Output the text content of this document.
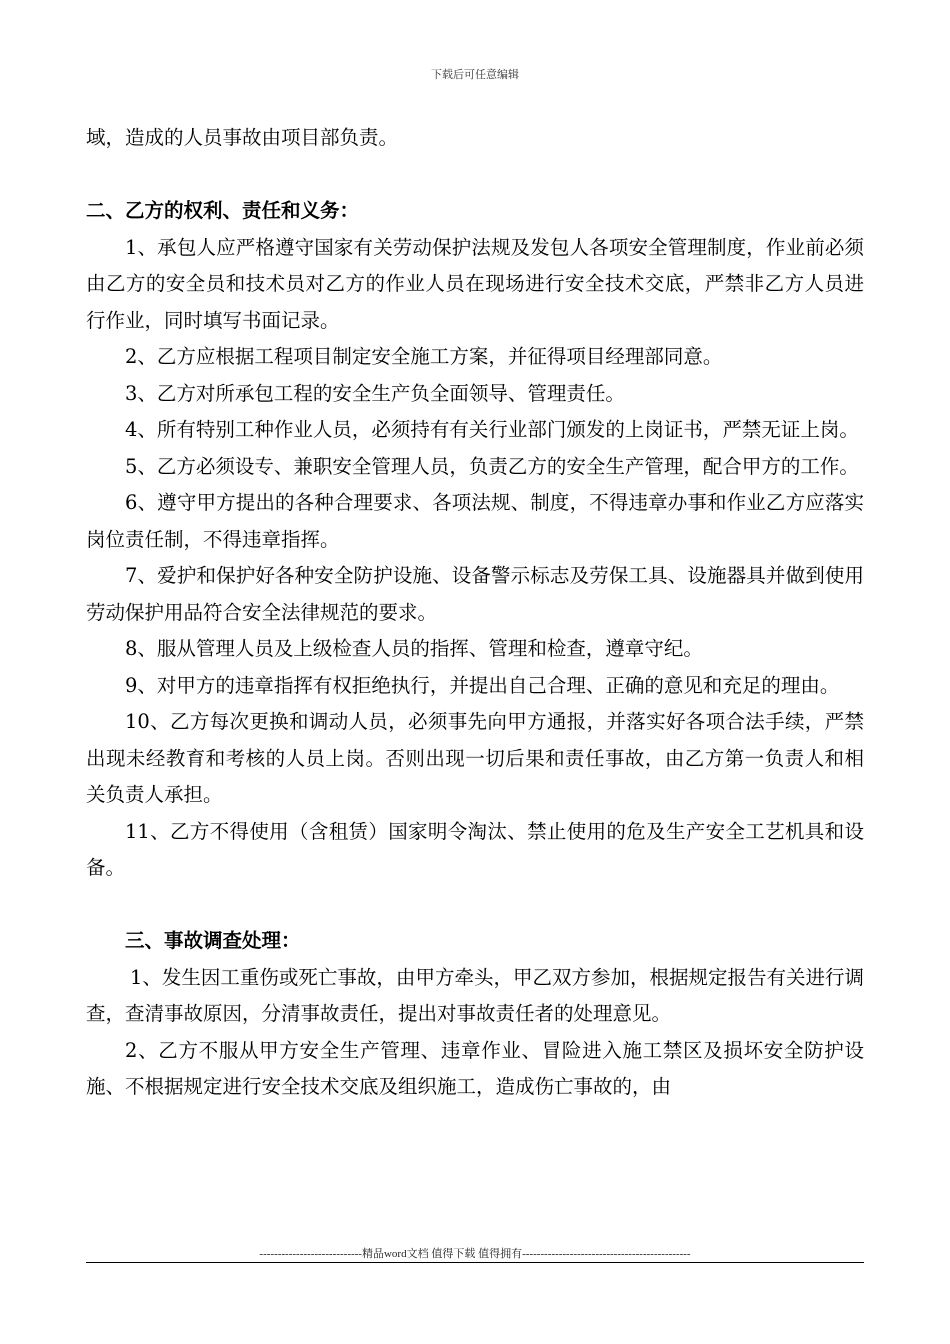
下载后可任意编辑

域，造成的人员事故由项目部负责。

二、乙方的权利、责任和义务：

1、承包人应严格遵守国家有关劳动保护法规及发包人各项安全管理制度，作业前必须由乙方的安全员和技术员对乙方的作业人员在现场进行安全技术交底，严禁非乙方人员进行作业，同时填写书面记录。

2、乙方应根据工程项目制定安全施工方案，并征得项目经理部同意。

3、乙方对所承包工程的安全生产负全面领导、管理责任。

4、所有特别工种作业人员，必须持有有关行业部门颁发的上岗证书，严禁无证上岗。

5、乙方必须设专、兼职安全管理人员，负责乙方的安全生产管理，配合甲方的工作。

6、遵守甲方提出的各种合理要求、各项法规、制度，不得违章办事和作业乙方应落实岗位责任制，不得违章指挥。

7、爱护和保护好各种安全防护设施、设备警示标志及劳保工具、设施器具并做到使用劳动保护用品符合安全法律规范的要求。

8、服从管理人员及上级检查人员的指挥、管理和检查，遵章守纪。

9、对甲方的违章指挥有权拒绝执行，并提出自己合理、正确的意见和充足的理由。

10、乙方每次更换和调动人员，必须事先向甲方通报，并落实好各项合法手续，严禁出现未经教育和考核的人员上岗。否则出现一切后果和责任事故，由乙方第一负责人和相关负责人承担。

11、乙方不得使用（含租赁）国家明令淘汰、禁止使用的危及生产安全工艺机具和设备。

三、事故调查处理：

1、发生因工重伤或死亡事故，由甲方牵头，甲乙双方参加，根据规定报告有关进行调查，查清事故原因，分清事故责任，提出对事故责任者的处理意见。

2、乙方不服从甲方安全生产管理、违章作业、冒险进入施工禁区及损坏安全防护设施、不根据规定进行安全技术交底及组织施工，造成伤亡事故的，由

----------------------------精品word文档 值得下载 值得拥有----------------------------------------------
